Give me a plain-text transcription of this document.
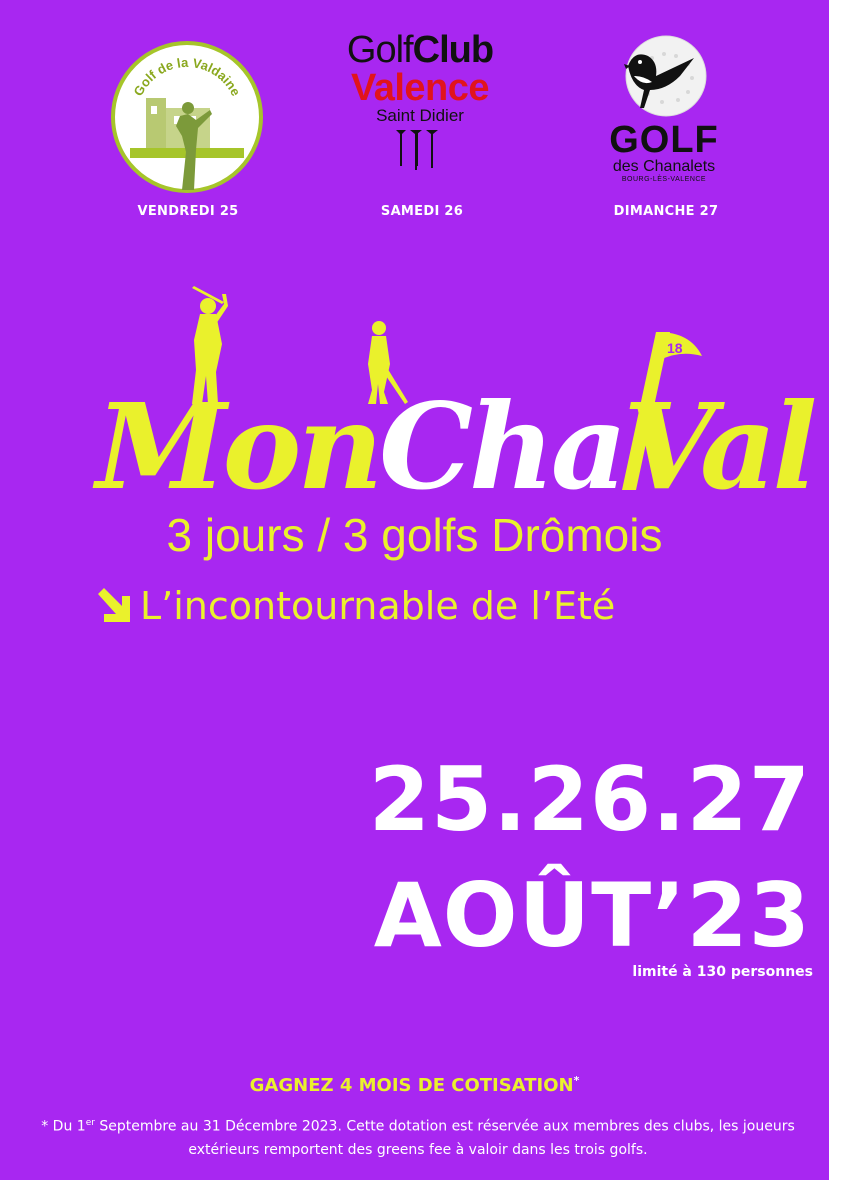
Golf de la Valdaine
VENDREDI 25
GolfClub
Valence
Saint Didier
SAMEDI 26
GOLF
des Chanalets
BOURG-LÈS-VALENCE
DIMANCHE 27
18
MonChaVal
3 jours / 3 golfs Drômois
L’incontournable de l’Eté
25.26.27
AOÛT’23
limité à 130 personnes
GAGNEZ 4 MOIS DE COTISATION*
* Du 1er Septembre au 31 Décembre 2023. Cette dotation est réservée aux membres des clubs, les joueurs extérieurs remportent des greens fee à valoir dans les trois golfs.
